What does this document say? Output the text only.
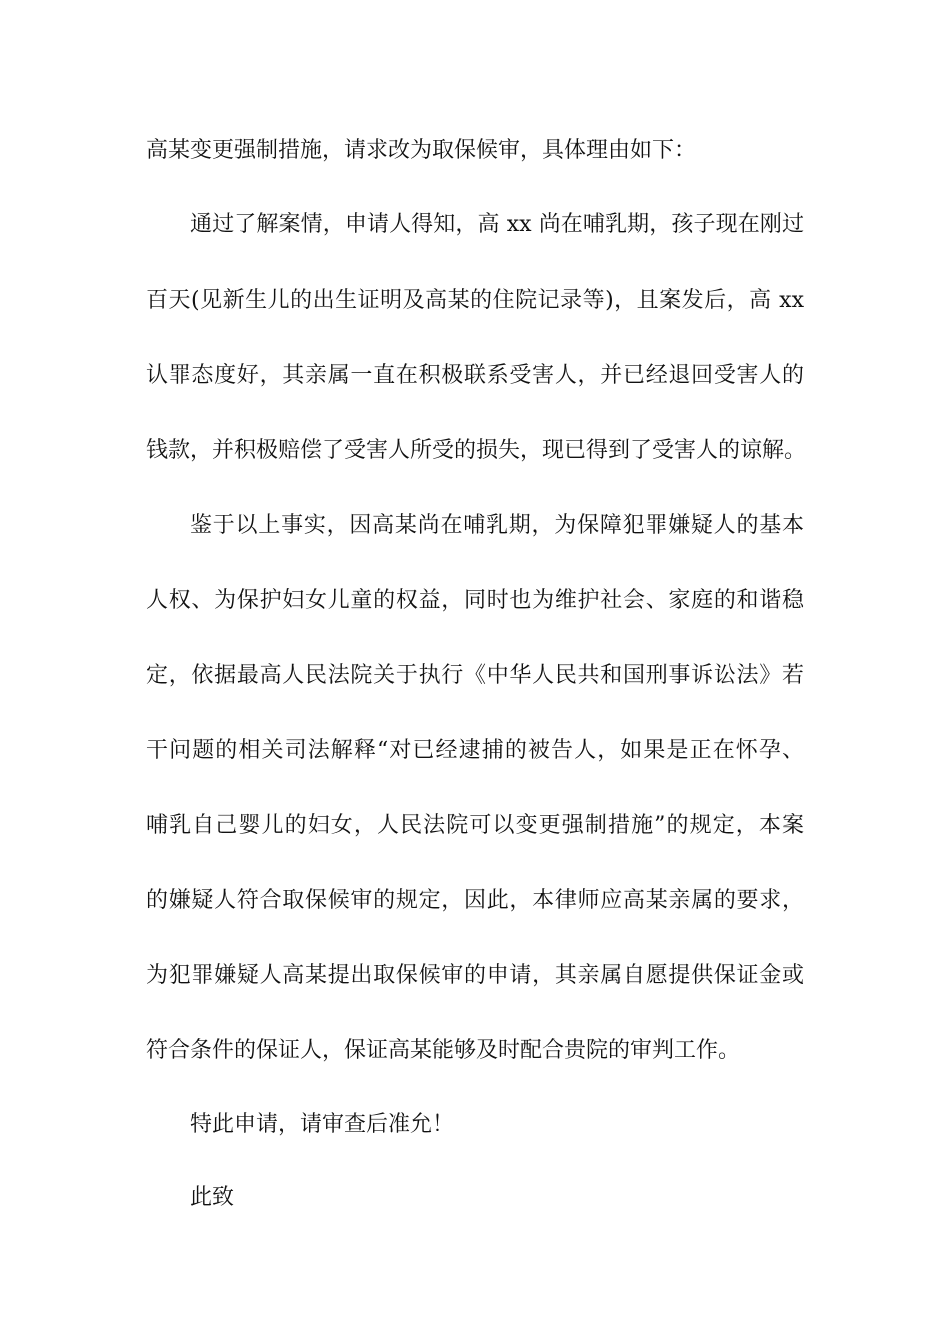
高某变更强制措施，请求改为取保候审，具体理由如下：

通过了解案情，申请人得知，高 xx 尚在哺乳期，孩子现在刚过

百天(见新生儿的出生证明及高某的住院记录等)，且案发后，高 xx

认罪态度好，其亲属一直在积极联系受害人，并已经退回受害人的

钱款，并积极赔偿了受害人所受的损失，现已得到了受害人的谅解。

鉴于以上事实，因高某尚在哺乳期，为保障犯罪嫌疑人的基本

人权、为保护妇女儿童的权益，同时也为维护社会、家庭的和谐稳

定，依据最高人民法院关于执行《中华人民共和国刑事诉讼法》若

干问题的相关司法解释“对已经逮捕的被告人，如果是正在怀孕、

哺乳自己婴儿的妇女，人民法院可以变更强制措施”的规定，本案

的嫌疑人符合取保候审的规定，因此，本律师应高某亲属的要求，

为犯罪嫌疑人高某提出取保候审的申请，其亲属自愿提供保证金或

符合条件的保证人，保证高某能够及时配合贵院的审判工作。

特此申请，请审查后准允！

此致
